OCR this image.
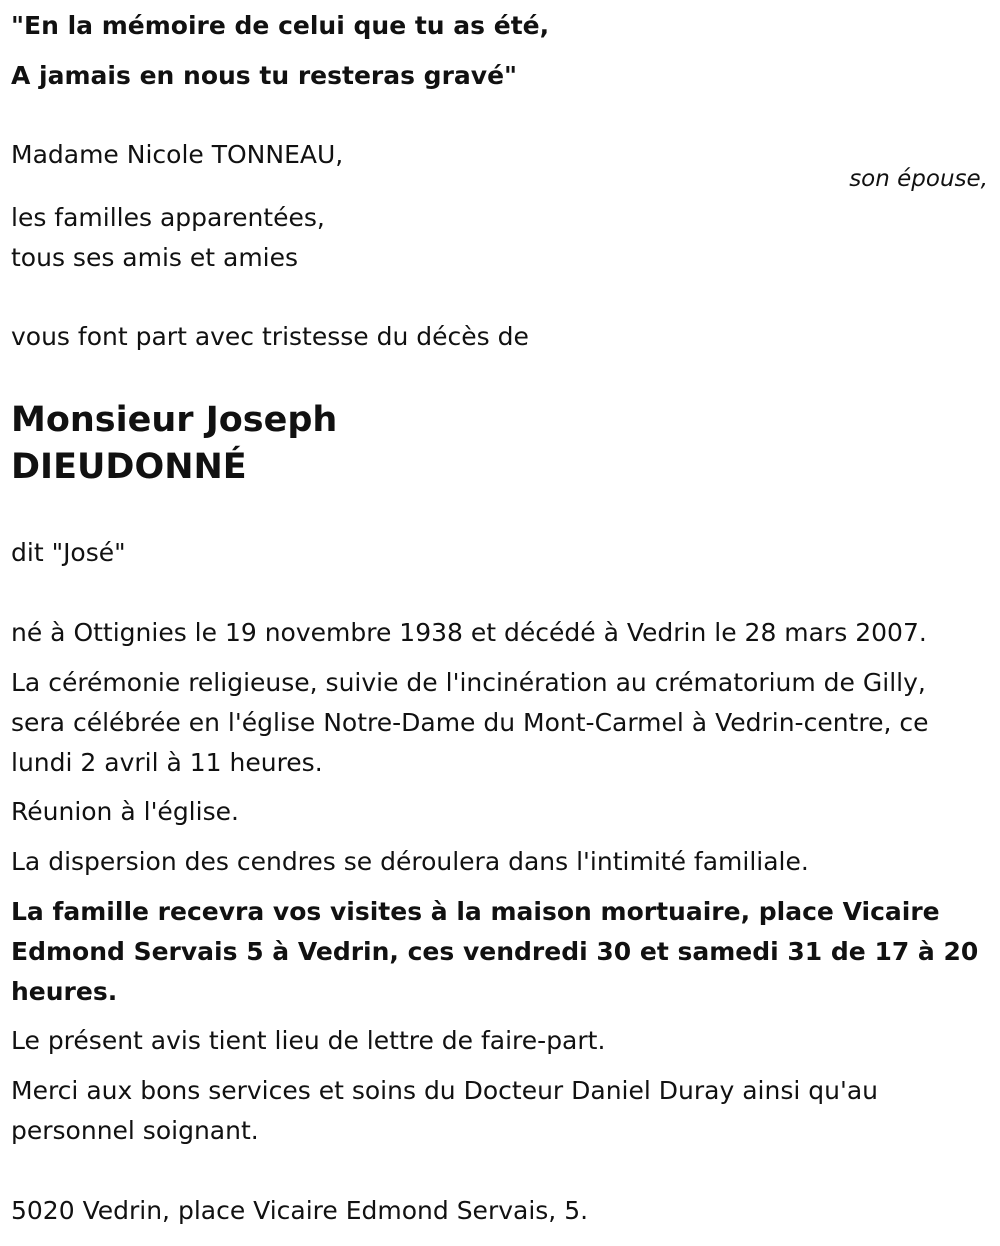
"En la mémoire de celui que tu as été,
A jamais en nous tu resteras gravé"
Madame Nicole TONNEAU,
son épouse,
les familles apparentées,
tous ses amis et amies
vous font part avec tristesse du décès de
Monsieur Joseph
DIEUDONNÉ
dit "José"
né à Ottignies le 19 novembre 1938 et décédé à Vedrin le 28 mars 2007.
La cérémonie religieuse, suivie de l'incinération au crématorium de Gilly,
sera célébrée en l'église Notre-Dame du Mont-Carmel à Vedrin-centre, ce
lundi 2 avril à 11 heures.
Réunion à l'église.
La dispersion des cendres se déroulera dans l'intimité familiale.
La famille recevra vos visites à la maison mortuaire, place Vicaire
Edmond Servais 5 à Vedrin, ces vendredi 30 et samedi 31 de 17 à 20
heures.
Le présent avis tient lieu de lettre de faire-part.
Merci aux bons services et soins du Docteur Daniel Duray ainsi qu'au
personnel soignant.
5020 Vedrin, place Vicaire Edmond Servais, 5.
